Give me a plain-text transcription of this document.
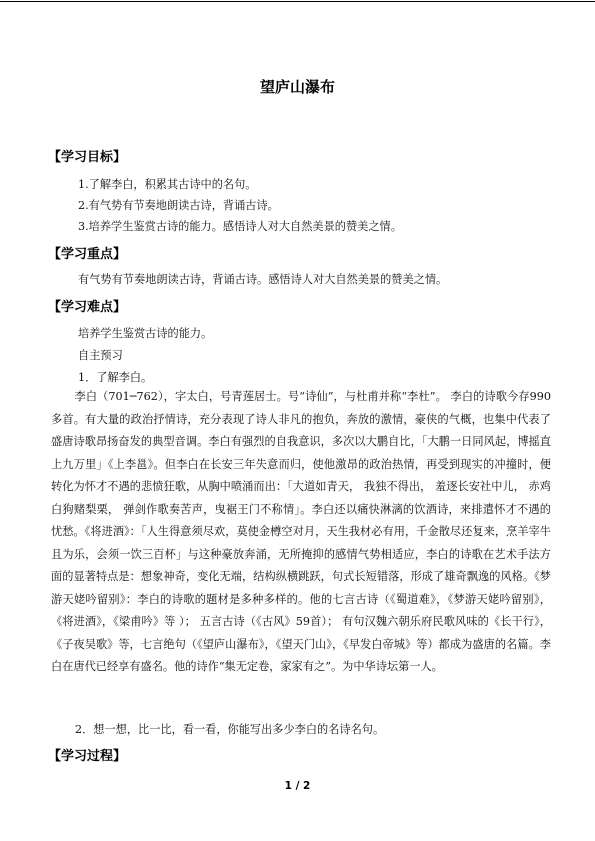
望庐山瀑布
【学习目标】
1.了解李白，积累其古诗中的名句。
2.有气势有节奏地朗读古诗，背诵古诗。
3.培养学生鉴赏古诗的能力。感悟诗人对大自然美景的赞美之情。
【学习重点】
有气势有节奏地朗读古诗，背诵古诗。感悟诗人对大自然美景的赞美之情。
【学习难点】
培养学生鉴赏古诗的能力。
自主预习
1．了解李白。
李白（701─762），字太白，号青莲居士。号“诗仙”，与杜甫并称“李杜”。 李白的诗歌今存990多首。有大量的政治抒情诗，充分表现了诗人非凡的抱负，奔放的激情，豪侠的气概，也集中代表了盛唐诗歌昂扬奋发的典型音调。李白有强烈的自我意识，多次以大鹏自比，「大鹏一日同风起，博摇直上九万里」《上李邕》。但李白在长安三年失意而归，使他激昂的政治热情，再受到现实的冲撞时，便转化为怀才不遇的悲愤狂歌，从胸中喷涌而出：「大道如青天， 我独不得出， 羞逐长安社中儿， 赤鸡白狗赌梨栗， 弹剑作歌奏苦声，曳裾王门不称情」。李白还以痛快淋漓的饮酒诗，来排遣怀才不遇的忧愁。《将进酒》：「人生得意须尽欢，莫使金樽空对月，天生我材必有用，千金散尽还复来，烹羊宰牛且为乐，会须一饮三百杯」与这种豪放奔涌，无所掩抑的感情气势相适应，李白的诗歌在艺术手法方面的显著特点是：想象神奇，变化无端，结构纵横跳跃，句式长短错落，形成了雄奇飘逸的风格。《梦游天姥吟留别》：李白的诗歌的题材是多种多样的。他的七言古诗（《蜀道难》，《梦游天姥吟留别》，《将进酒》，《梁甫吟》等 ）； 五言古诗（《古风》59首）； 有句汉魏六朝乐府民歌风味的《长干行》，《子夜吴歌》等，七言绝句（《望庐山瀑布》，《望天门山》，《早发白帝城》等）都成为盛唐的名篇。李白在唐代已经享有盛名。他的诗作“集无定卷，家家有之”。为中华诗坛第一人。
2．想一想，比一比，看一看，你能写出多少李白的名诗名句。
【学习过程】
1 / 2
